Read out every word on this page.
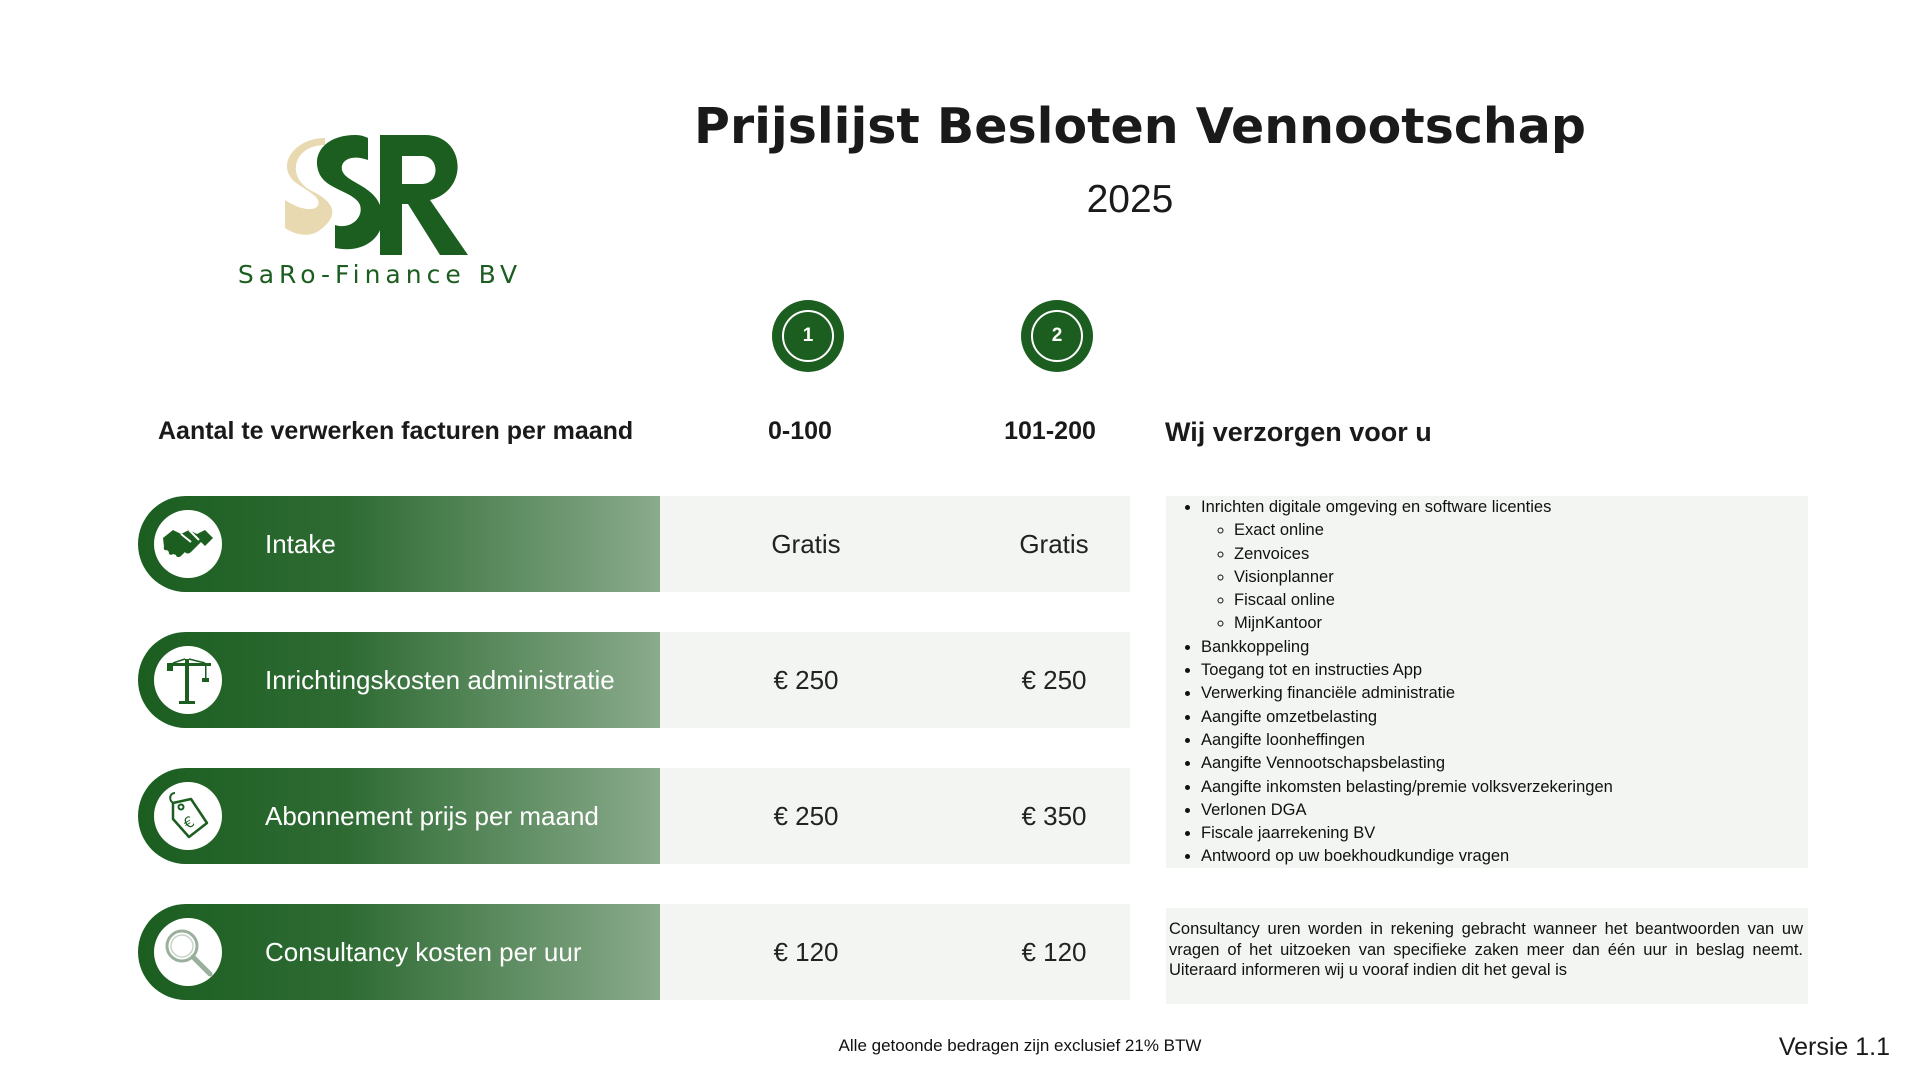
SaRo-Finance BV
Prijslijst Besloten Vennootschap
2025
1	2
Aantal te verwerken facturen per maand	0-100	101-200	Wij verzorgen voor u
Intake	Gratis	Gratis
Inrichtingskosten administratie	€ 250	€ 250
€	Abonnement prijs per maand	€ 250	€ 350
Consultancy kosten per uur	€ 120	€ 120
• Inrichten digitale omgeving en software licenties
◦ Exact online
◦ Zenvoices
◦ Visionplanner
◦ Fiscaal online
◦ MijnKantoor
• Bankkoppeling
• Toegang tot en instructies App
• Verwerking financiële administratie
• Aangifte omzetbelasting
• Aangifte loonheffingen
• Aangifte Vennootschapsbelasting
• Aangifte inkomsten belasting/premie volksverzekeringen
• Verlonen DGA
• Fiscale jaarrekening BV
• Antwoord op uw boekhoudkundige vragen
Consultancy uren worden in rekening gebracht wanneer het beantwoorden van uw vragen of het uitzoeken van specifieke zaken meer dan één uur in beslag neemt. Uiteraard informeren wij u vooraf indien dit het geval is
Alle getoonde bedragen zijn exclusief 21% BTW	Versie 1.1
